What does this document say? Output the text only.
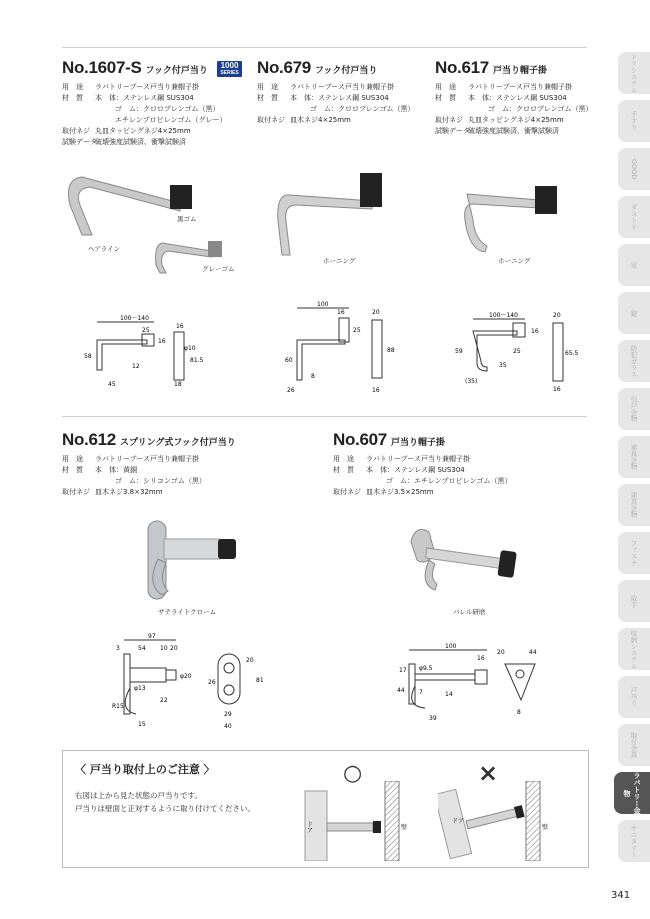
No.1607-S フック付戸当り 1000
SERIES
用　途	ラバトリーブース戸当り兼帽子掛
材　質	本　体：ステンレス鋼 SUS304
ゴ　ム：クロロプレンゴム（黒）
エチレンプロピレンゴム（グレー）
取付ネジ 丸皿タッピングネジ4×25mm
試験データ
破壊強度試験済、衝撃試験済
黒ゴム
ヘアライン
グレーゴム
100～140
25
16
16
58
12
45	18
φ10
81.5
No.679 フック付戸当り
用　途	ラバトリーブース戸当り兼帽子掛
材　質	本　体：ステンレス鋼 SUS304
ゴ　ム：クロロプレンゴム（黒）
取付ネジ 皿木ネジ4×25mm
ホーニング
100
16	20
25
60
8
26
88
16
No.617 戸当り帽子掛
用　途	ラバトリーブース戸当り兼帽子掛
材　質	本　体：ステンレス鋼 SUS304
ゴ　ム：クロロプレンゴム（黒）
取付ネジ 丸皿タッピングネジ4×25mm
試験データ
破壊強度試験済、衝撃試験済
ホーニング
100～140	20
16
59	25
35
(35)
65.5
16
No.612 スプリング式フック付戸当り
用　途	ラバトリーブース戸当り兼帽子掛
材　質	本　体：黄銅
ゴ　ム：シリコンゴム（黒）
取付ネジ 皿木ネジ3.8×32mm
サテライトクローム
97
3	54 10 20
φ20
φ13
22
R15
15	40
29
81
20
26
No.607 戸当り帽子掛
用　途	ラバトリーブース戸当り兼帽子掛
材　質	本　体：ステンレス鋼 SUS304
ゴ　ム：エチレンプロピレンゴム（黒）
取付ネジ 皿木ネジ3.5×25mm
バレル研磨
100
16
17 φ9.5
7
44
14
39
20	44
8
〈 戸当り取付上のご注意 〉
右図は上から見た状態の戸当りです。
戸当りは壁面と正対するように取り付けてください。
○
ドア	壁
×
ドア
壁
ドアシステム
手すり
GOOD
ダストリ
窓
錠
防犯ガラス
引戸金物
家具金物
建具金物
ファスナ
取手
収納システム
戸当り
取付金具
ラバトリー金物
サニタリー
341
